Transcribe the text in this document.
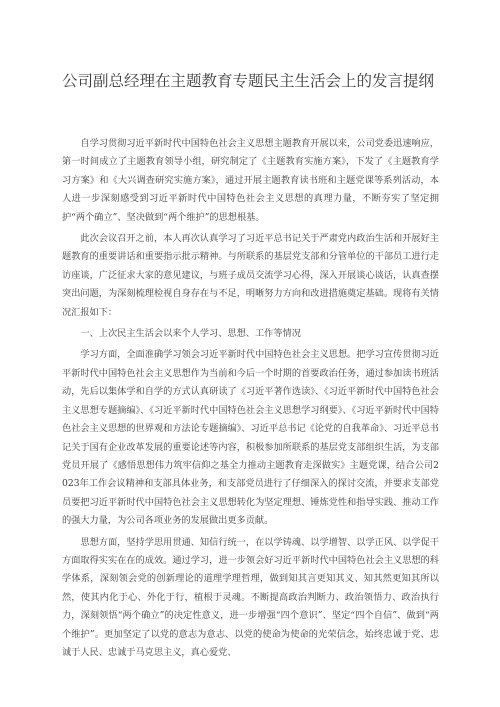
公司副总经理在主题教育专题民主生活会上的发言提纲

自学习贯彻习近平新时代中国特色社会主义思想主题教育开展以来，公司党委迅速响应，第一时间成立了主题教育领导小组，研究制定了《主题教育实施方案》，下发了《主题教育学习方案》和《大兴调查研究实施方案》，通过开展主题教育读书班和主题党课等系列活动，本人进一步深刻感受到习近平新时代中国特色社会主义思想的真理力量，不断夯实了坚定拥护“两个确立”、坚决做到“两个维护”的思想根基。

此次会议召开之前，本人再次认真学习了习近平总书记关于严肃党内政治生活和开展好主题教育的重要讲话和重要指示批示精神。与所联系的基层党支部和分管单位的干部员工进行走访座谈，广泛征求大家的意见建议，与班子成员交流学习心得，深入开展谈心谈话，认真查摆突出问题，为深刻梳理检视自身存在与不足，明晰努力方向和改进措施奠定基础。现将有关情况汇报如下：

一、上次民主生活会以来个人学习、思想、工作等情况

学习方面，全面准确学习领会习近平新时代中国特色社会主义思想。把学习宣传贯彻习近平新时代中国特色社会主义思想作为当前和今后一个时期的首要政治任务，通过参加读书班活动，先后以集体学和自学的方式认真研读了《习近平著作选读》、《习近平新时代中国特色社会主义思想专题摘编》、《习近平新时代中国特色社会主义思想学习纲要》、《习近平新时代中国特色社会主义思想的世界观和方法论专题摘编》、习近平总书记《论党的自我革命》、习近平总书记关于国有企业改革发展的重要论述等内容，积极参加所联系的基层党支部组织生活，为支部党员开展了《感悟思想伟力筑牢信仰之基全力推动主题教育走深做实》主题党课，结合公司2023年工作会议精神和支部具体业务，和支部党员进行了仔细深入的探讨交流，并要求支部党员要把习近平新时代中国特色社会主义思想转化为坚定理想、锤炼党性和指导实践、推动工作的强大力量，为公司各项业务的发展做出更多贡献。

思想方面，坚持学思用贯通、知信行统一，在以学铸魂、以学增智、以学正风、以学促干方面取得实实在在的成效。通过学习，进一步领会好习近平新时代中国特色社会主义思想的科学体系，深刻领会党的创新理论的道理学理哲理，做到知其言更知其义、知其然更知其所以然，使其内化于心、外化于行，植根于灵魂。不断提高政治判断力、政治领悟力、政治执行力，深刻领悟“两个确立”的决定性意义，进一步增强“四个意识”、坚定“四个自信”、做到“两个维护”。更加坚定了以党的意志为意志、以党的使命为使命的光荣信念，始终忠诚于党、忠诚于人民、忠诚于马克思主义，真心爱党、
